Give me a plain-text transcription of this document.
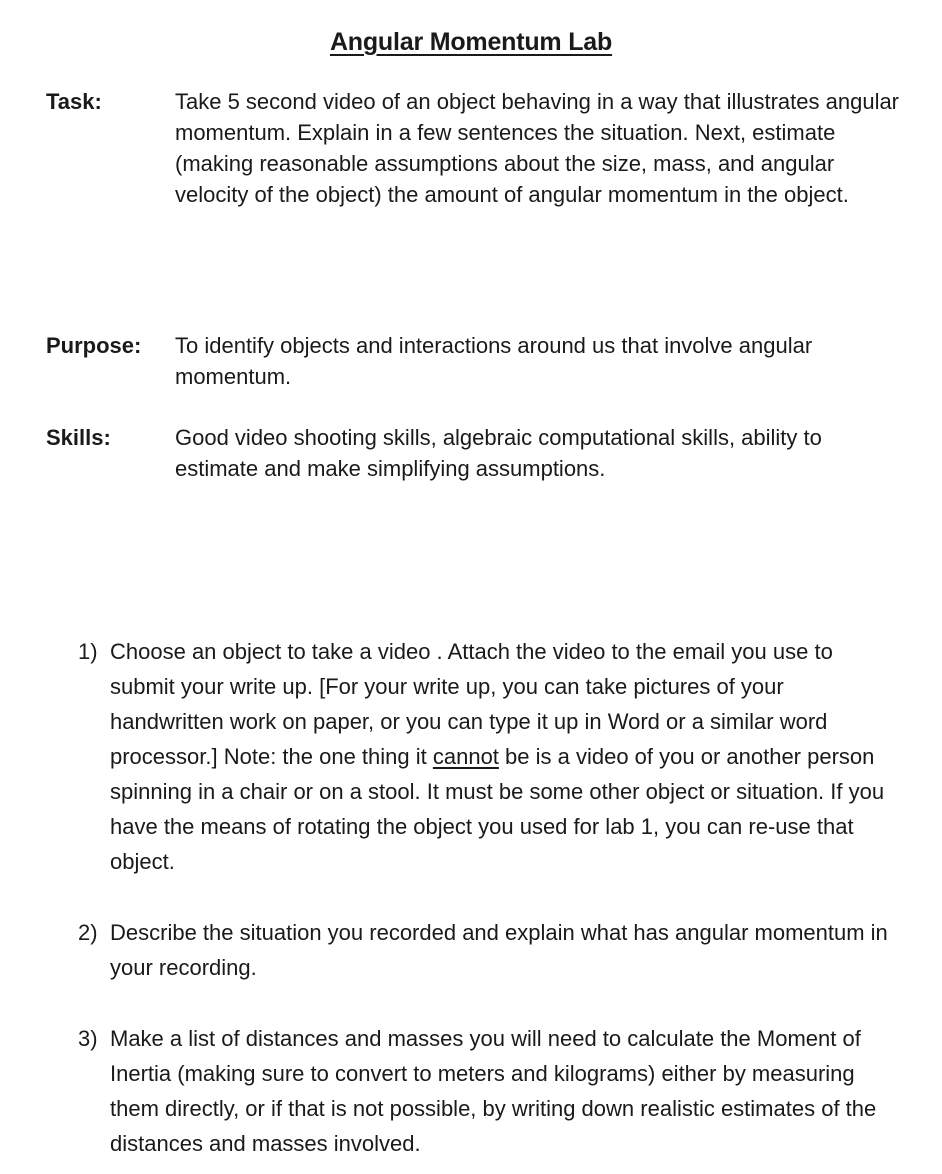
Angular Momentum Lab
Task:	Take 5 second video of an object behaving in a way that illustrates angular momentum. Explain in a few sentences the situation. Next, estimate (making reasonable assumptions about the size, mass, and angular velocity of the object) the amount of angular momentum in the object.
Purpose: To identify objects and interactions around us that involve angular momentum.
Skills:	Good video shooting skills, algebraic computational skills, ability to estimate and make simplifying assumptions.
1) Choose an object to take a video . Attach the video to the email you use to submit your write up. [For your write up, you can take pictures of your handwritten work on paper, or you can type it up in Word or a similar word processor.] Note: the one thing it cannot be is a video of you or another person spinning in a chair or on a stool. It must be some other object or situation. If you have the means of rotating the object you used for lab 1, you can re-use that object.
2) Describe the situation you recorded and explain what has angular momentum in your recording.
3) Make a list of distances and masses you will need to calculate the Moment of Inertia (making sure to convert to meters and kilograms) either by measuring them directly, or if that is not possible, by writing down realistic estimates of the distances and masses involved.
